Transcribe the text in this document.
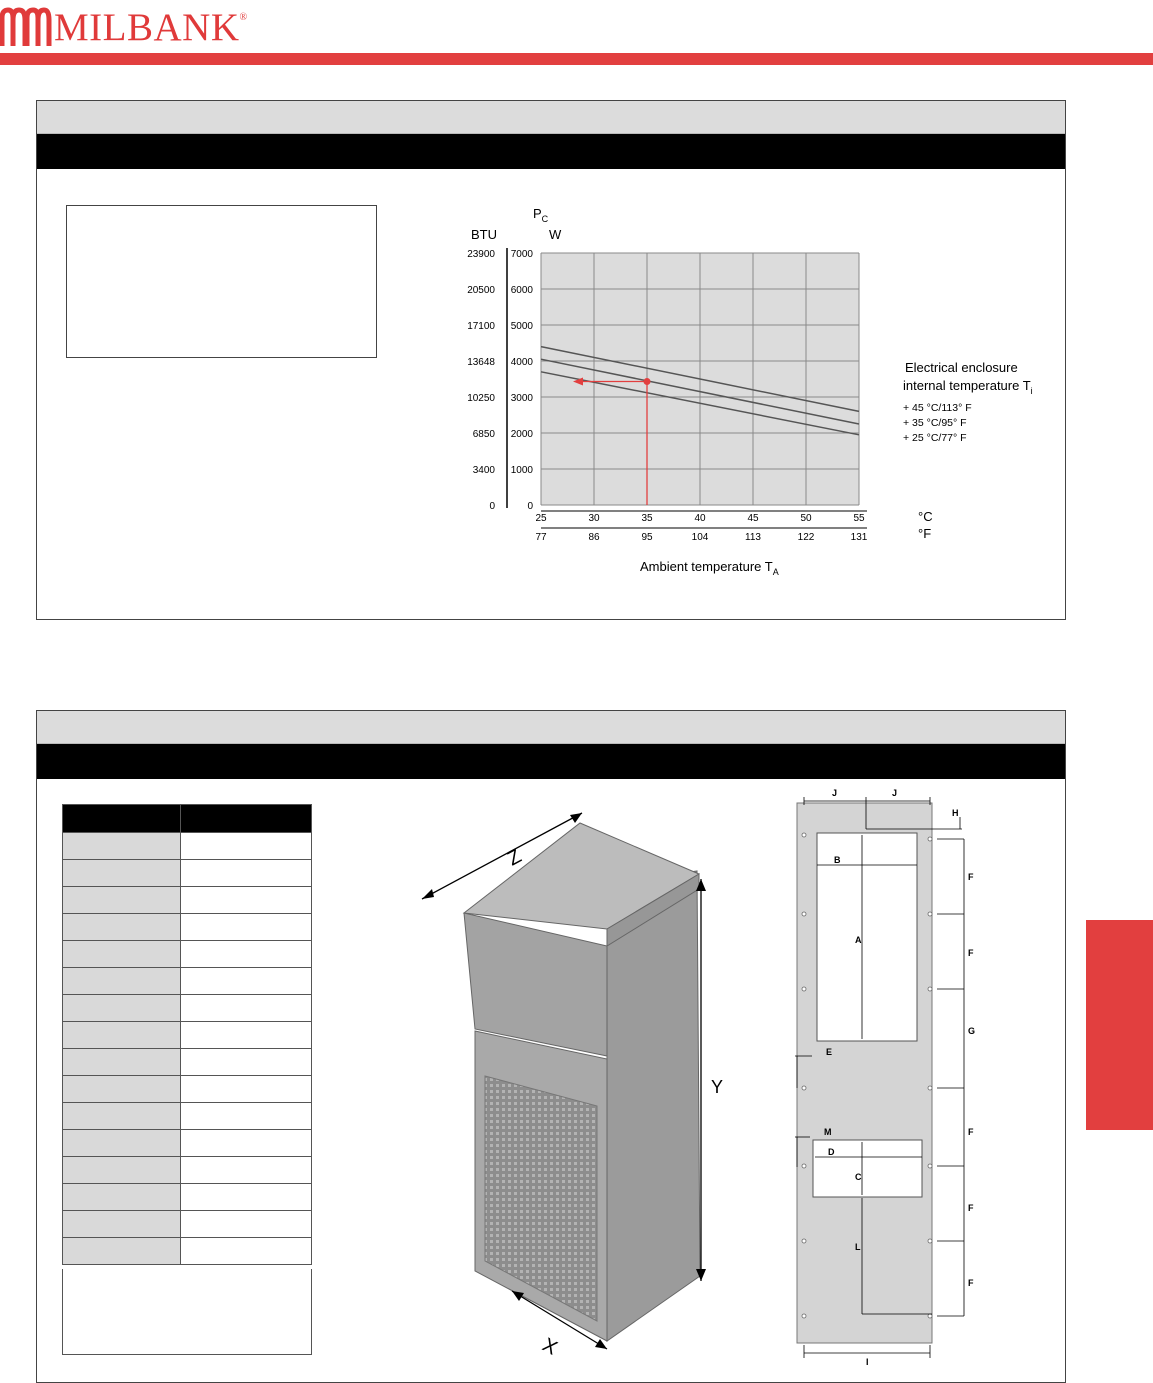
MILBANK ®
+ 45 °C/113° F
+ 35 °C/95° F
+ 25 °C/77° F
7000
6000
5000
4000
3000
2000
1000
0
23900
20500
17100
13648
10250
6850
3400
0
25	30	35	40	45	50	55
77	86	95	104	113	122	131
$P_C$
BTU	W
°C
°F
Ambient temperature $T_A$
Electrical enclosure
internal temperature $T_i$

Z
Y
X
J	J
H
B
A
E
M
D
C
L
F
F
G
F
F
F
I
